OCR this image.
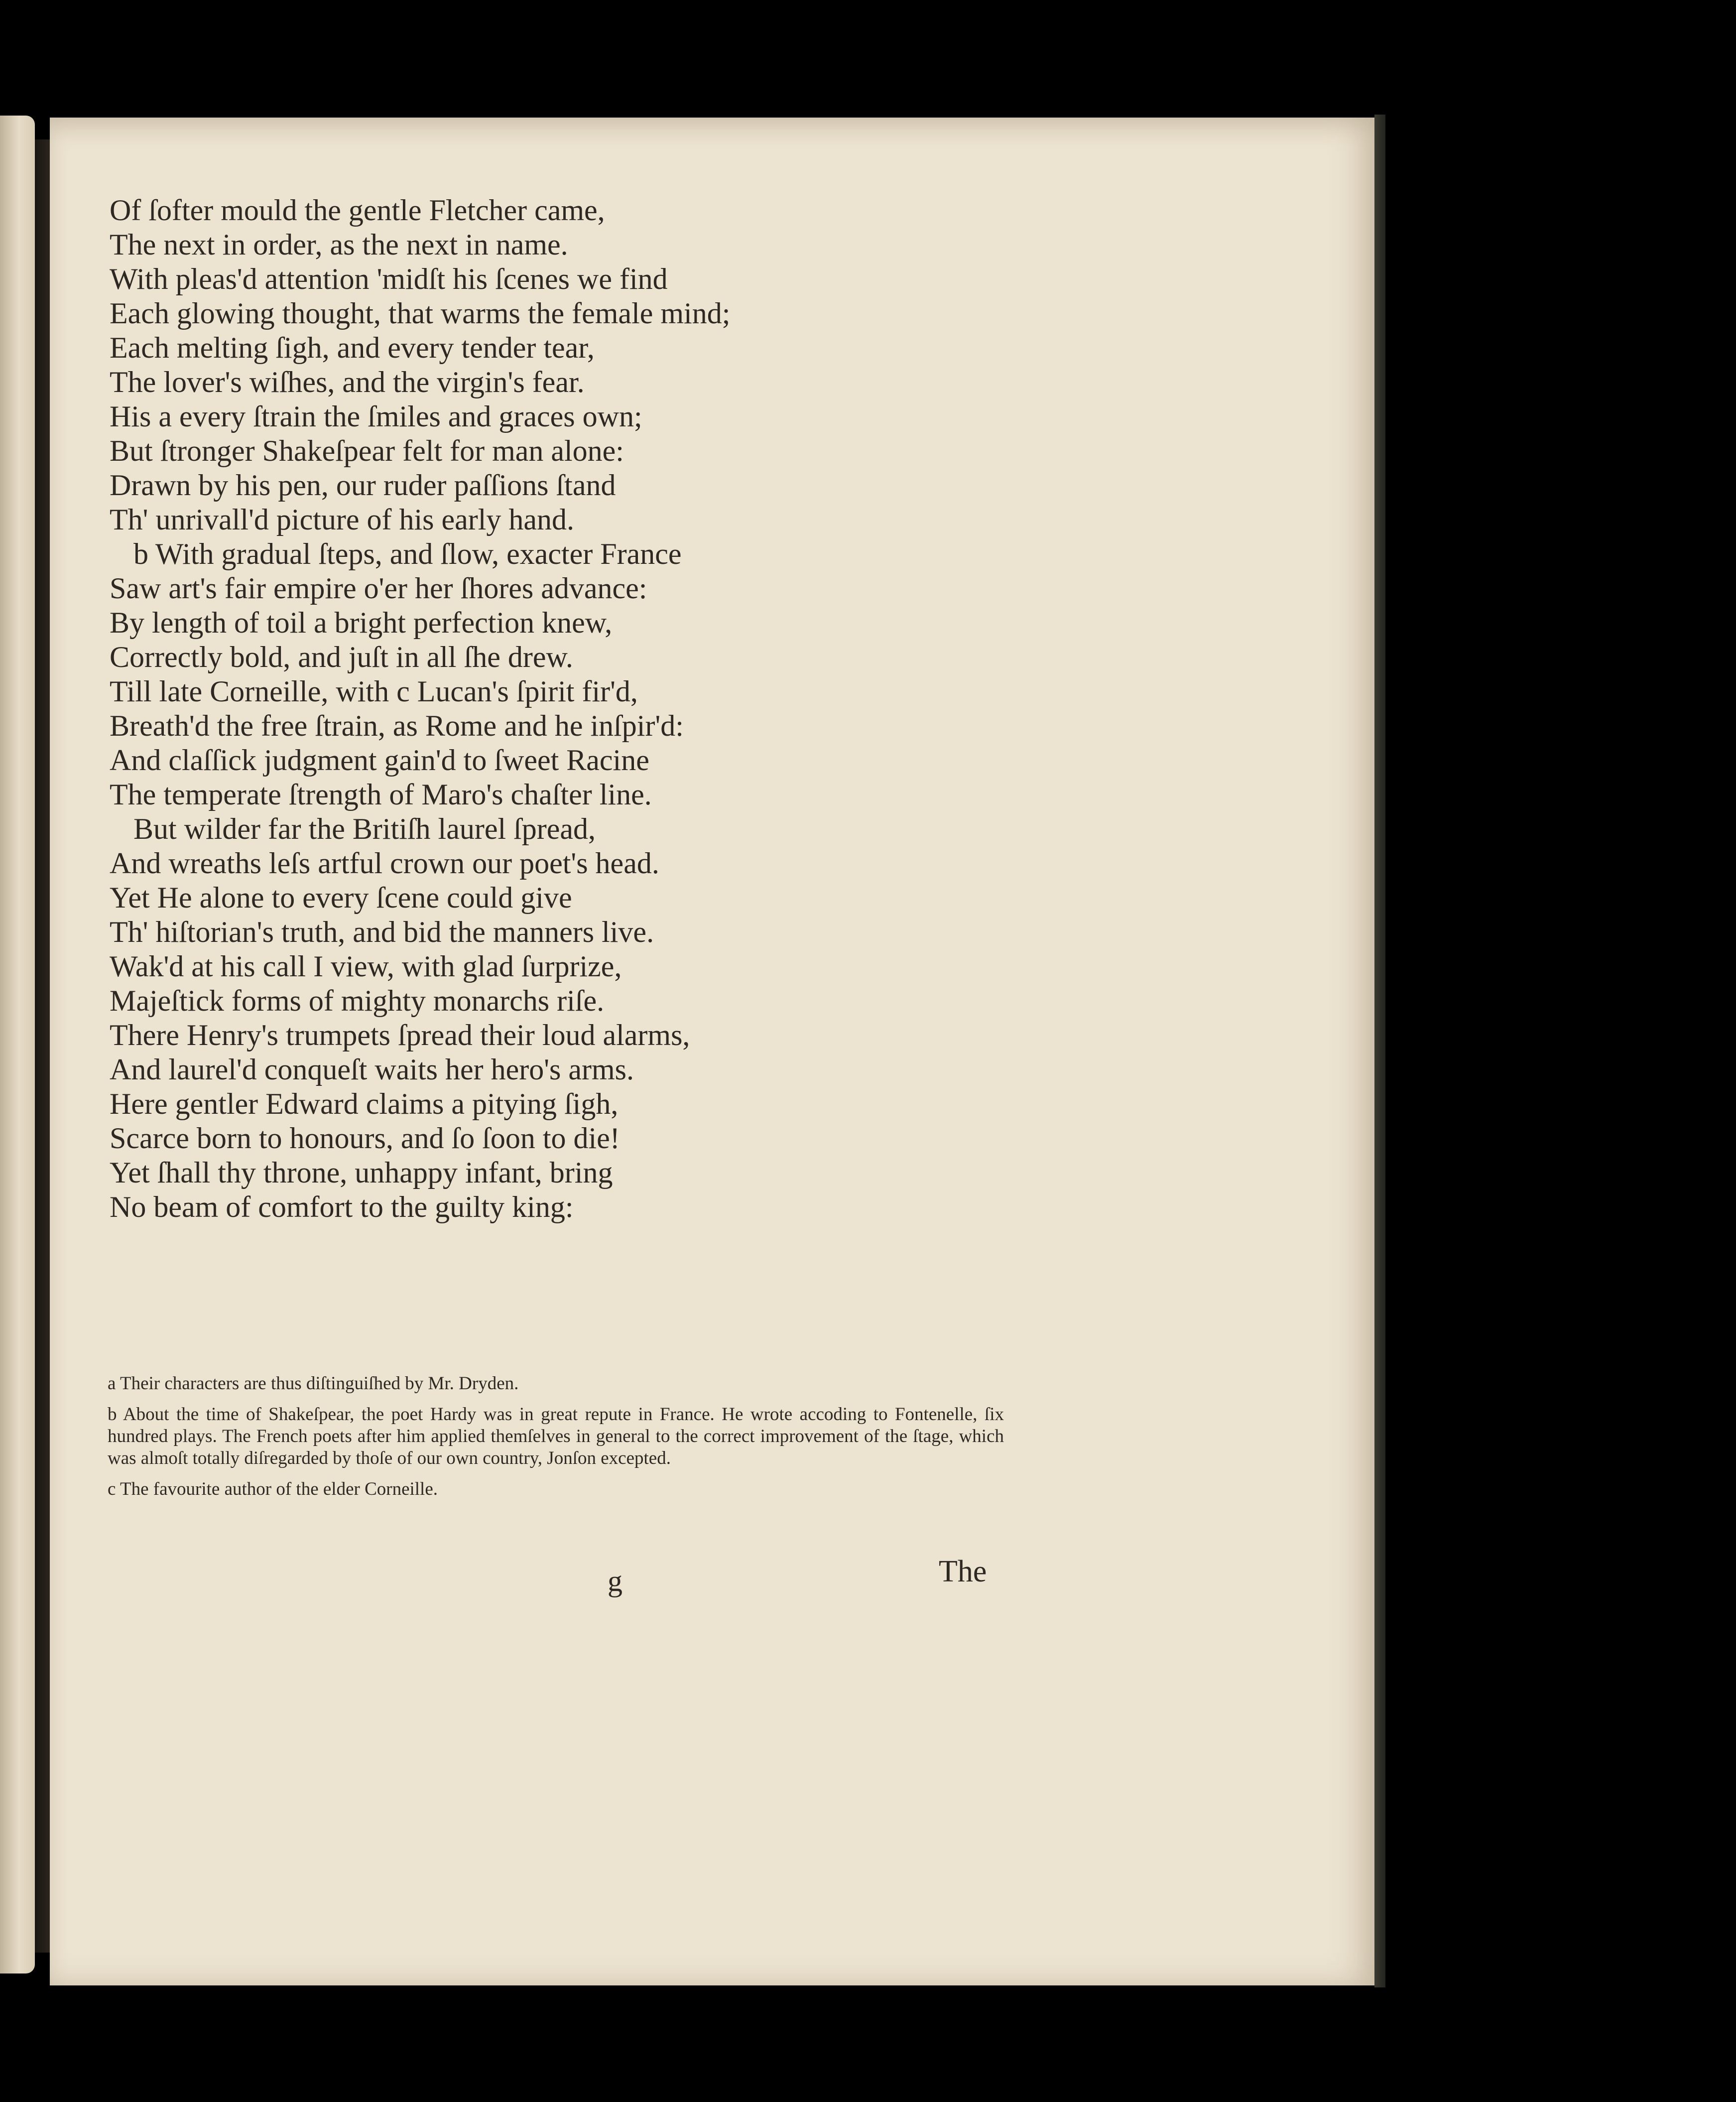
Of ſofter mould the gentle Fletcher came,
The next in order, as the next in name.
With pleas'd attention 'midſt his ſcenes we find
Each glowing thought, that warms the female mind;
Each melting ſigh, and every tender tear,
The lover's wiſhes, and the virgin's fear.
His a every ſtrain the ſmiles and graces own;
But ſtronger Shakeſpear felt for man alone:
Drawn by his pen, our ruder paſſions ſtand
Th' unrivall'd picture of his early hand.
b With gradual ſteps, and ſlow, exacter France
Saw art's fair empire o'er her ſhores advance:
By length of toil a bright perfection knew,
Correctly bold, and juſt in all ſhe drew.
Till late Corneille, with c Lucan's ſpirit fir'd,
Breath'd the free ſtrain, as Rome and he inſpir'd:
And claſſick judgment gain'd to ſweet Racine
The temperate ſtrength of Maro's chaſter line.
But wilder far the Britiſh laurel ſpread,
And wreaths leſs artful crown our poet's head.
Yet He alone to every ſcene could give
Th' hiſtorian's truth, and bid the manners live.
Wak'd at his call I view, with glad ſurprize,
Majeſtick forms of mighty monarchs riſe.
There Henry's trumpets ſpread their loud alarms,
And laurel'd conqueſt waits her hero's arms.
Here gentler Edward claims a pitying ſigh,
Scarce born to honours, and ſo ſoon to die!
Yet ſhall thy throne, unhappy infant, bring
No beam of comfort to the guilty king:
a Their characters are thus diſtinguiſhed by Mr. Dryden.
b About the time of Shakeſpear, the poet Hardy was in great repute in France. He wrote accoding to Fontenelle, ſix hundred plays. The French poets after him applied themſelves in general to the correct improvement of the ſtage, which was almoſt totally diſregarded by thoſe of our own country, Jonſon excepted.
c The favourite author of the elder Corneille.
g	The
